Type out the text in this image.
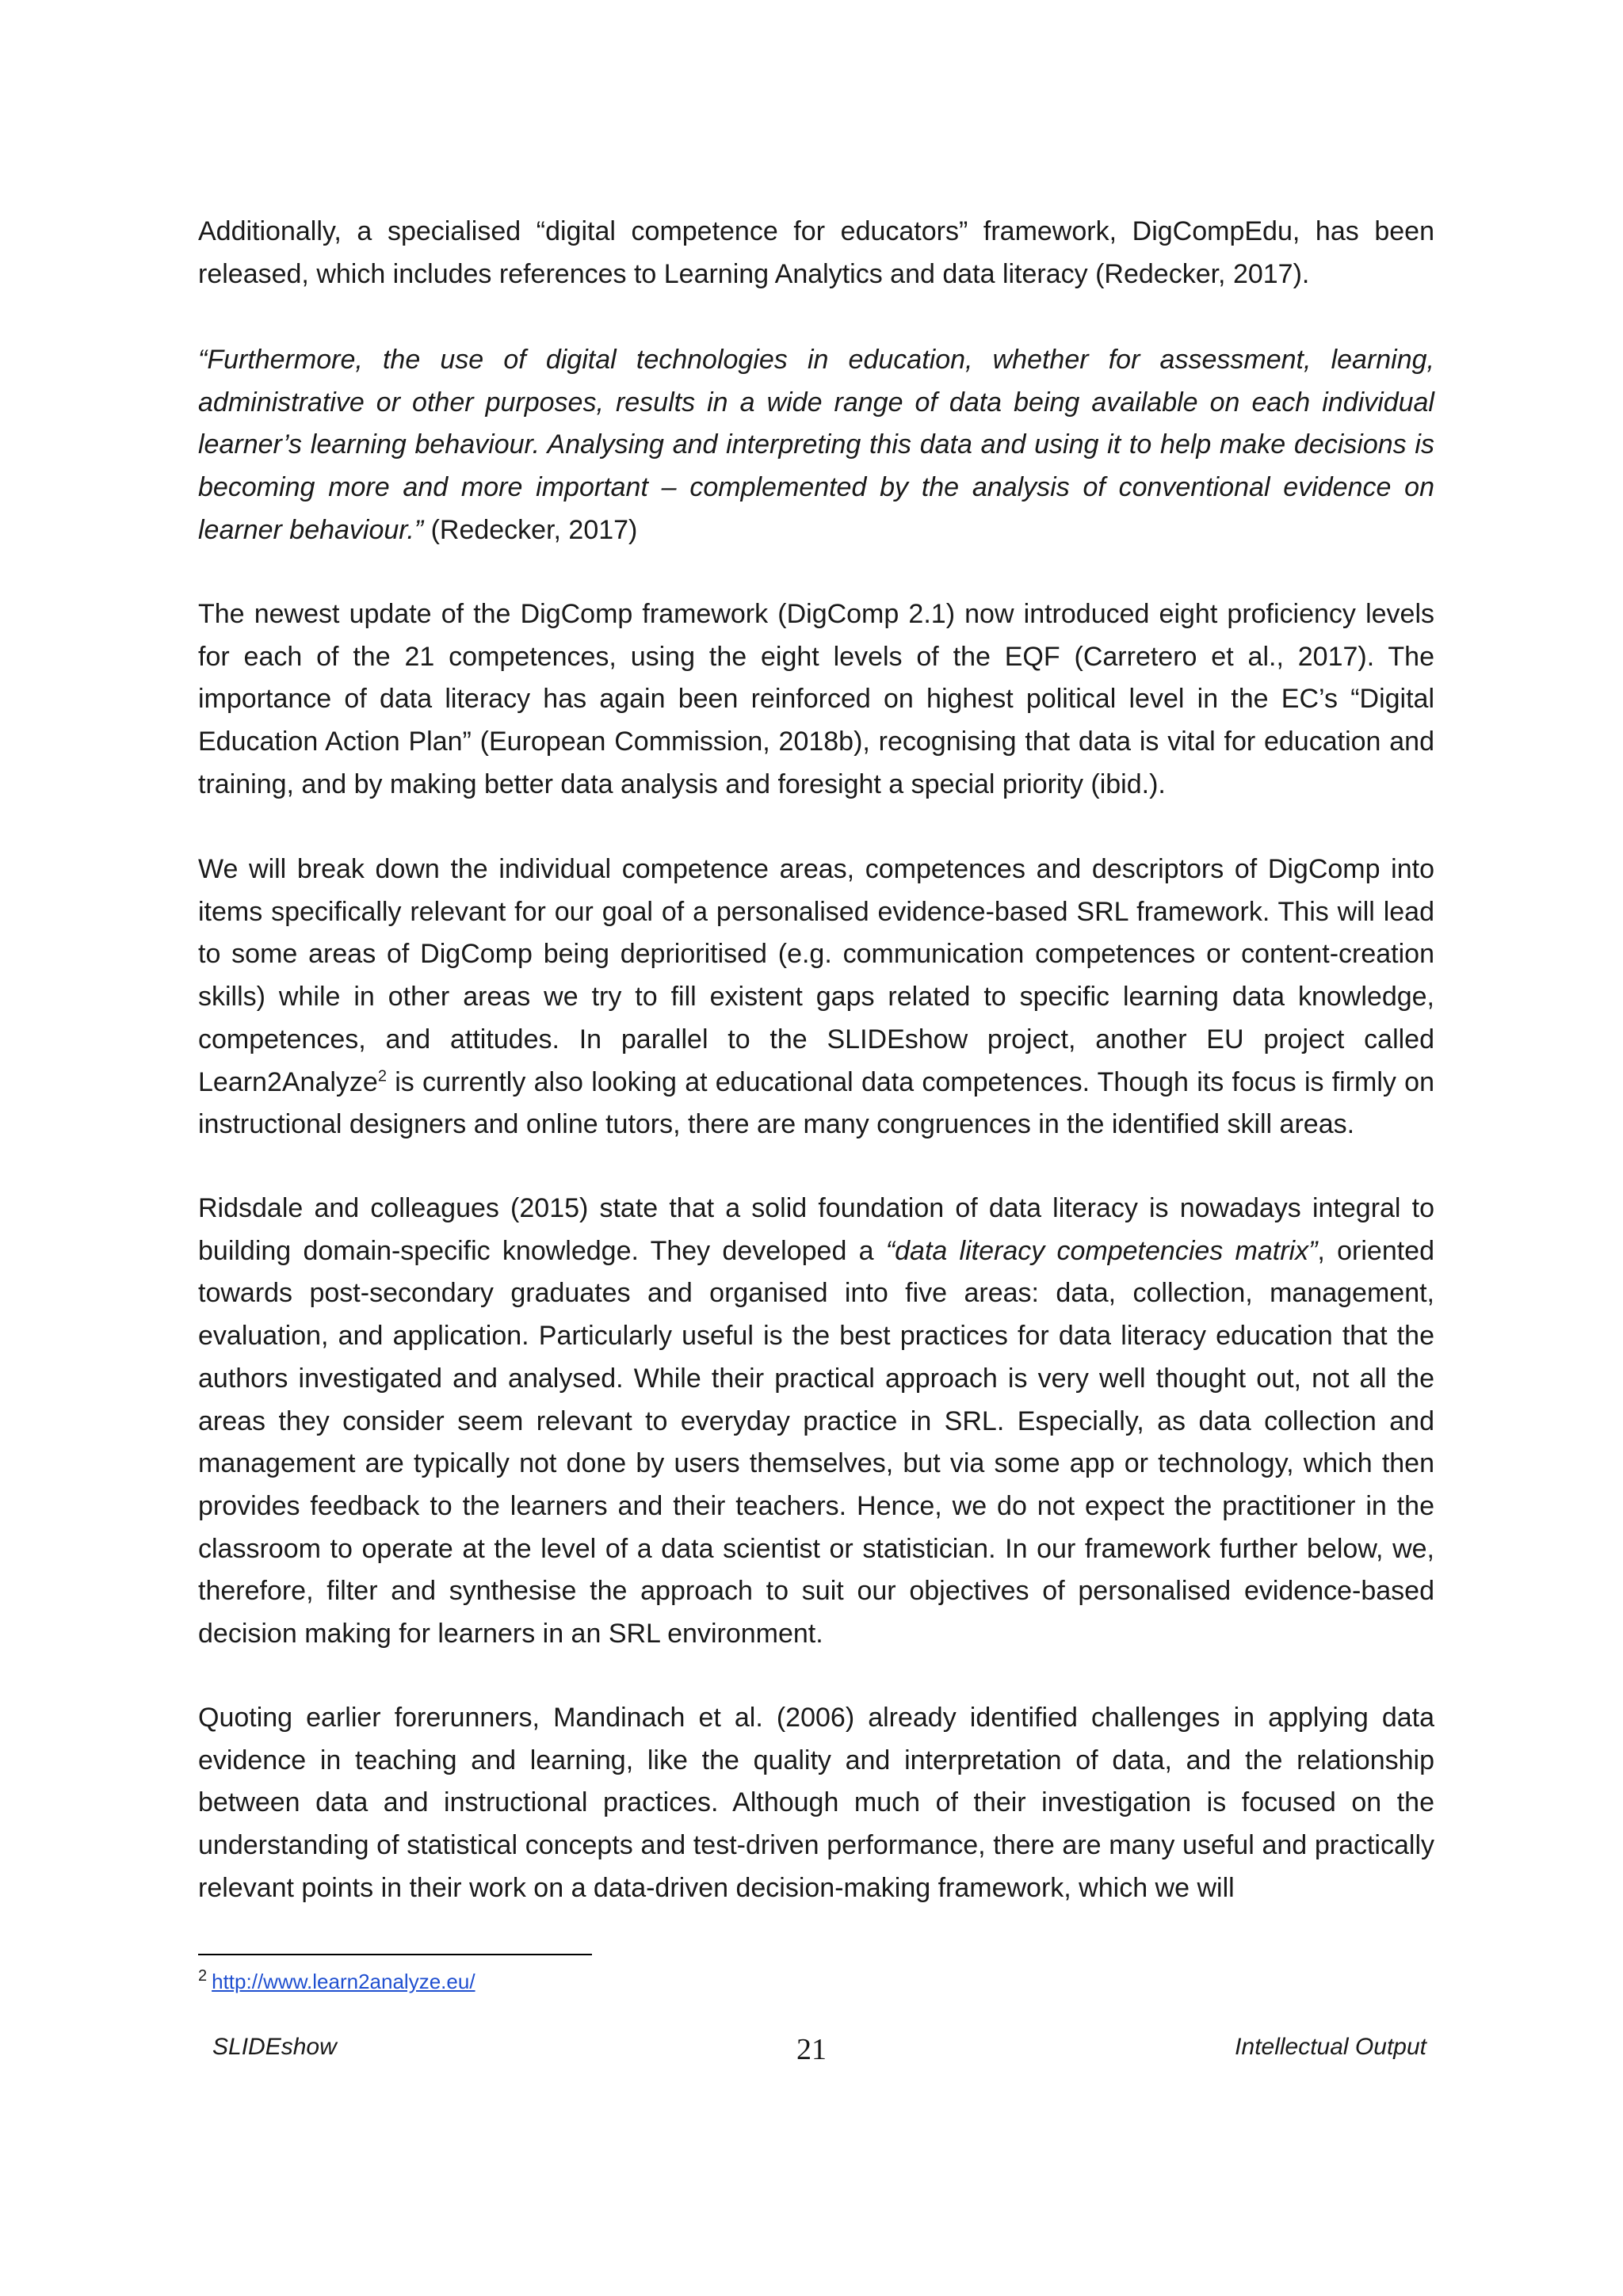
Additionally, a specialised “digital competence for educators” framework, DigCompEdu, has been released, which includes references to Learning Analytics and data literacy (Redecker, 2017).

“Furthermore, the use of digital technologies in education, whether for assessment, learning, administrative or other purposes, results in a wide range of data being available on each individual learner’s learning behaviour. Analysing and interpreting this data and using it to help make decisions is becoming more and more important – complemented by the analysis of conventional evidence on learner behaviour.” (Redecker, 2017)

The newest update of the DigComp framework (DigComp 2.1) now introduced eight proficiency levels for each of the 21 competences, using the eight levels of the EQF (Carretero et al., 2017). The importance of data literacy has again been reinforced on highest political level in the EC’s “Digital Education Action Plan” (European Commission, 2018b), recognising that data is vital for education and training, and by making better data analysis and foresight a special priority (ibid.).

We will break down the individual competence areas, competences and descriptors of DigComp into items specifically relevant for our goal of a personalised evidence-based SRL framework. This will lead to some areas of DigComp being deprioritised (e.g. communication competences or content-creation skills) while in other areas we try to fill existent gaps related to specific learning data knowledge, competences, and attitudes. In parallel to the SLIDEshow project, another EU project called Learn2Analyze$^2$ is currently also looking at educational data competences. Though its focus is firmly on instructional designers and online tutors, there are many congruences in the identified skill areas.

Ridsdale and colleagues (2015) state that a solid foundation of data literacy is nowadays integral to building domain-specific knowledge. They developed a “data literacy competencies matrix”, oriented towards post-secondary graduates and organised into five areas: data, collection, management, evaluation, and application. Particularly useful is the best practices for data literacy education that the authors investigated and analysed. While their practical approach is very well thought out, not all the areas they consider seem relevant to everyday practice in SRL. Especially, as data collection and management are typically not done by users themselves, but via some app or technology, which then provides feedback to the learners and their teachers. Hence, we do not expect the practitioner in the classroom to operate at the level of a data scientist or statistician. In our framework further below, we, therefore, filter and synthesise the approach to suit our objectives of personalised evidence-based decision making for learners in an SRL environment.

Quoting earlier forerunners, Mandinach et al. (2006) already identified challenges in applying data evidence in teaching and learning, like the quality and interpretation of data, and the relationship between data and instructional practices. Although much of their investigation is focused on the understanding of statistical concepts and test-driven performance, there are many useful and practically relevant points in their work on a data-driven decision-making framework, which we will

$^2$ http://www.learn2analyze.eu/
SLIDEshow	21	Intellectual Output
